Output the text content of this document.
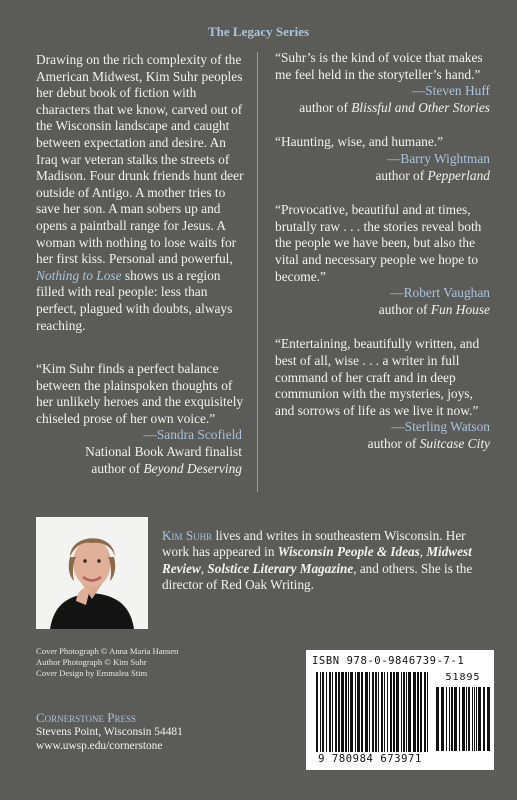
The Legacy Series

Drawing on the rich complexity of the American Midwest, Kim Suhr peoples her debut book of fiction with characters that we know, carved out of the Wisconsin landscape and caught between expectation and desire. An Iraq war veteran stalks the streets of Madison. Four drunk friends hunt deer outside of Antigo. A mother tries to save her son. A man sobers up and opens a paintball range for Jesus. A woman with nothing to lose waits for her first kiss. Personal and powerful, Nothing to Lose shows us a region filled with real people: less than perfect, plagued with doubts, always reaching.

“Kim Suhr finds a perfect balance between the plainspoken thoughts of her unlikely heroes and the exquisitely chiseled prose of her own voice.”

—Sandra Scofield
National Book Award finalist
author of Beyond Deserving

“Suhr’s is the kind of voice that makes me feel held in the storyteller’s hand.”

—Steven Huff
author of Blissful and Other Stories

“Haunting, wise, and humane.”

—Barry Wightman
author of Pepperland

“Provocative, beautiful and at times, brutally raw . . . the stories reveal both the people we have been, but also the vital and necessary people we hope to become.”

—Robert Vaughan
author of Fun House

“Entertaining, beautifully written, and best of all, wise . . . a writer in full command of her craft and in deep communion with the mysteries, joys, and sorrows of life as we live it now.”

—Sterling Watson
author of Suitcase City
Kim Suhr lives and writes in southeastern Wisconsin. Her work has appeared in Wisconsin People & Ideas, Midwest Review, Solstice Literary Magazine, and others. She is the director of Red Oak Writing.
Cover Photograph © Anna Maria Hansen
Author Photograph © Kim Suhr
Cover Design by Emmalea Stim
Cornerstone Press
Stevens Point, Wisconsin 54481
www.uwsp.edu/cornerstone
ISBN 978-0-9846739-7-1
51895
9 780984 673971
